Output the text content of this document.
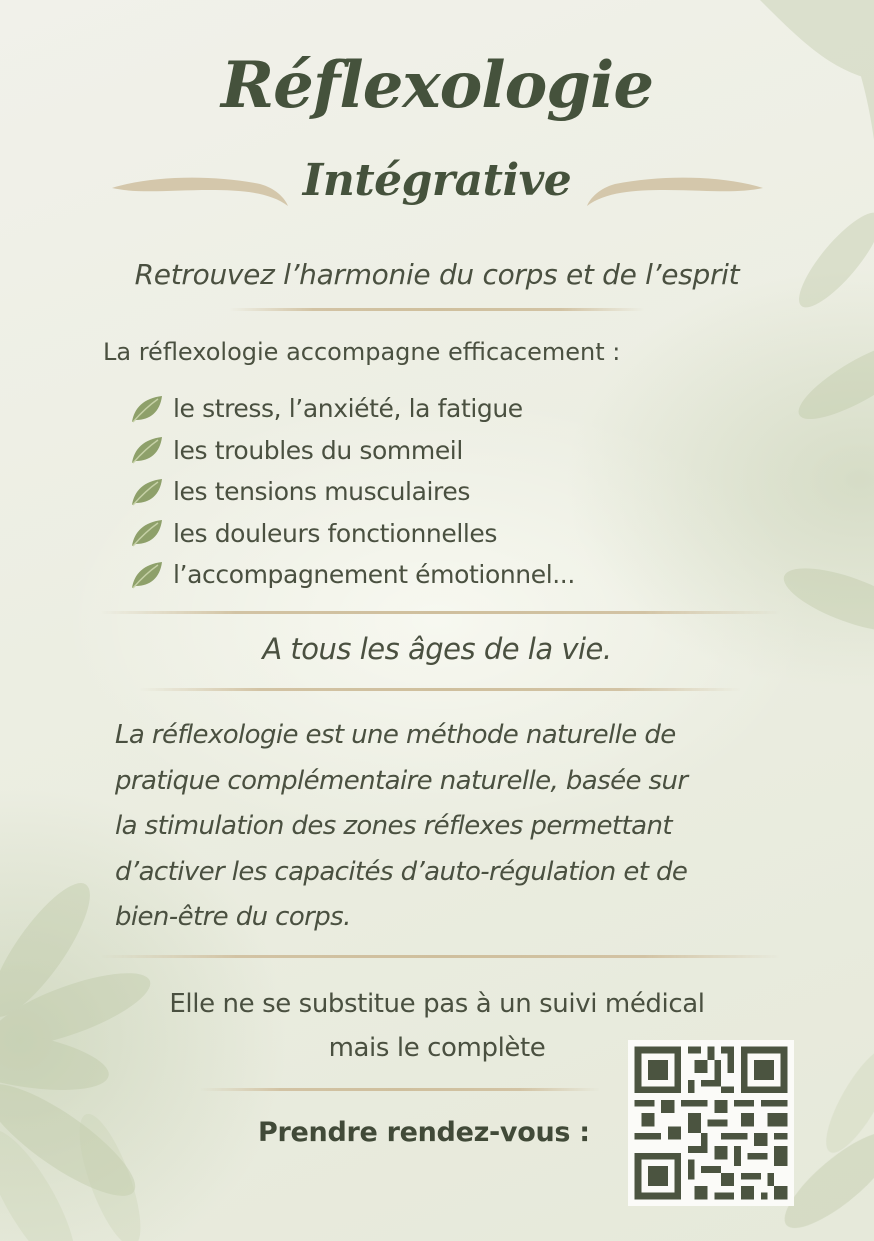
Réflexologie
Intégrative
Retrouvez l’harmonie du corps et de l’esprit
La réflexologie accompagne efficacement :
le stress, l’anxiété, la fatigue
les troubles du sommeil
les tensions musculaires
les douleurs fonctionnelles
l’accompagnement émotionnel...
A tous les âges de la vie.
La réflexologie est une méthode naturelle de
pratique complémentaire naturelle, basée sur
la stimulation des zones réflexes permettant
d’activer les capacités d’auto-régulation et de
bien-être du corps.
Elle ne se substitue pas à un suivi médical
mais le complète
Prendre rendez-vous :
